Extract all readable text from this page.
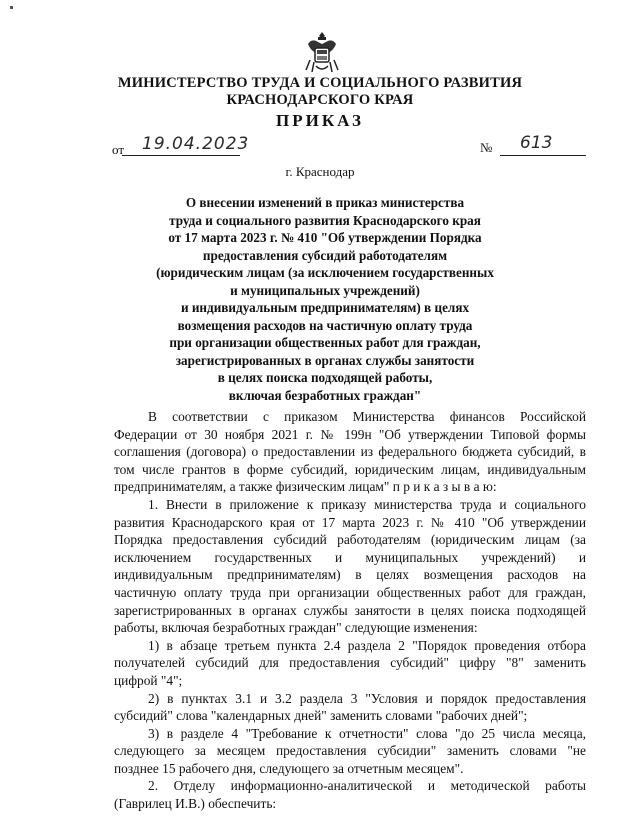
МИНИСТЕРСТВО ТРУДА И СОЦИАЛЬНОГО РАЗВИТИЯ
КРАСНОДАРСКОГО КРАЯ
ПРИКАЗ
от 19.04.2023	№ 613
г. Краснодар
О внесении изменений в приказ министерства
труда и социального развития Краснодарского края
от 17 марта 2023 г. № 410 "Об утверждении Порядка
предоставления субсидий работодателям
(юридическим лицам (за исключением государственных
и муниципальных учреждений)
и индивидуальным предпринимателям) в целях
возмещения расходов на частичную оплату труда
при организации общественных работ для граждан,
зарегистрированных в органах службы занятости
в целях поиска подходящей работы,
включая безработных граждан"
В соответствии с приказом Министерства финансов Российской
Федерации от 30 ноября 2021 г. № 199н "Об утверждении Типовой формы
соглашения (договора) о предоставлении из федерального бюджета субсидий, в
том числе грантов в форме субсидий, юридическим лицам, индивидуальным
предпринимателям, а также физическим лицам" п р и к а з ы в а ю:
1. Внести в приложение к приказу министерства труда и социального
развития Краснодарского края от 17 марта 2023 г. № 410 "Об утверждении
Порядка предоставления субсидий работодателям (юридическим лицам (за
исключением государственных и муниципальных учреждений) и
индивидуальным предпринимателям) в целях возмещения расходов на
частичную оплату труда при организации общественных работ для граждан,
зарегистрированных в органах службы занятости в целях поиска подходящей
работы, включая безработных граждан" следующие изменения:
1) в абзаце третьем пункта 2.4 раздела 2 "Порядок проведения отбора
получателей субсидий для предоставления субсидий" цифру "8" заменить
цифрой "4";
2) в пунктах 3.1 и 3.2 раздела 3 "Условия и порядок предоставления
субсидий" слова "календарных дней" заменить словами "рабочих дней";
3) в разделе 4 "Требование к отчетности" слова "до 25 числа месяца,
следующего за месяцем предоставления субсидии" заменить словами "не
позднее 15 рабочего дня, следующего за отчетным месяцем".
2. Отделу информационно-аналитической и методической работы
(Гаврилец И.В.) обеспечить:
